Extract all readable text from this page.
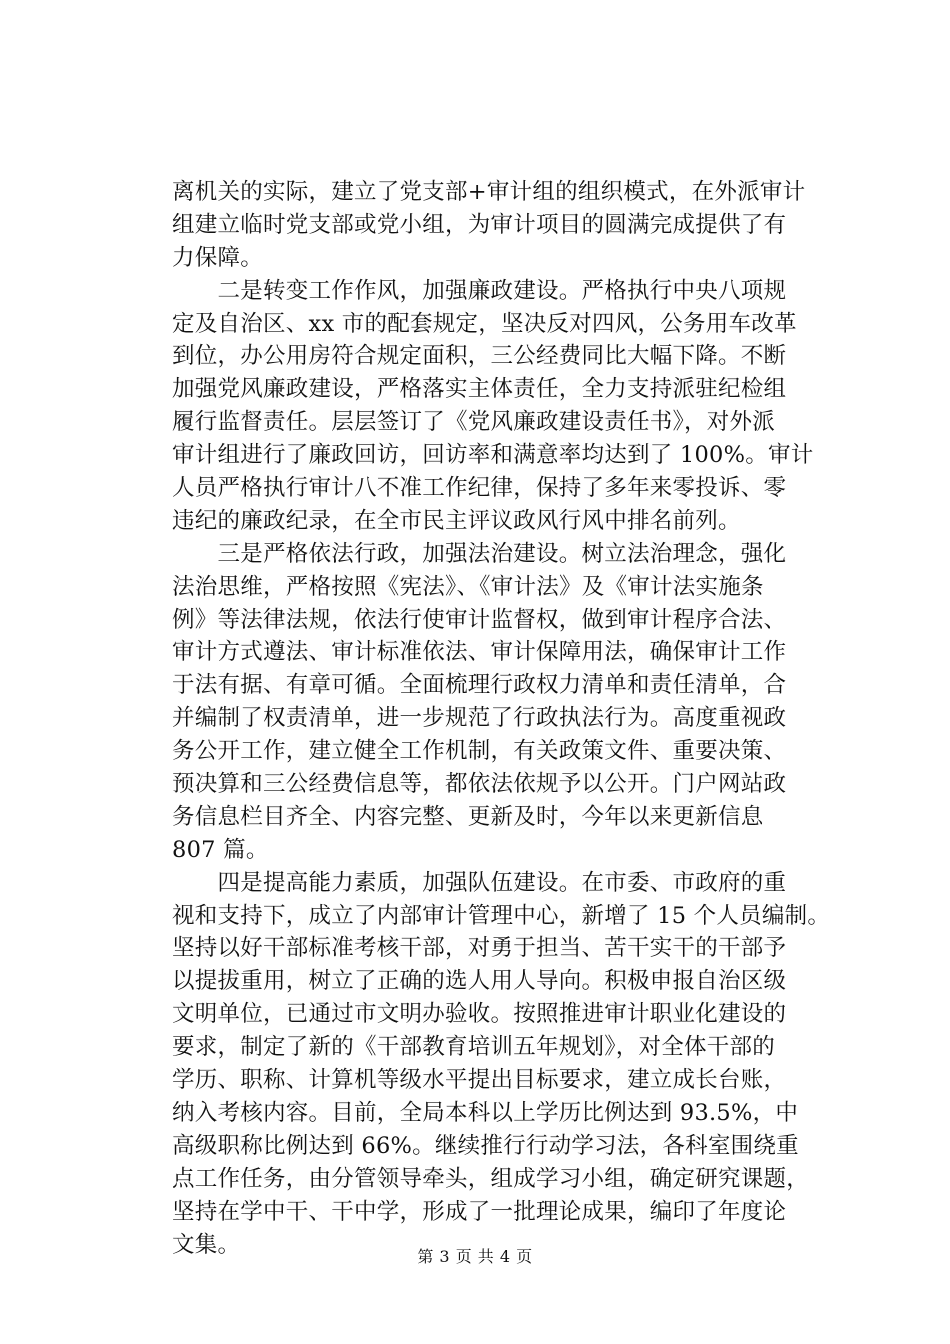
离机关的实际，建立了党支部+审计组的组织模式，在外派审计
组建立临时党支部或党小组，为审计项目的圆满完成提供了有
力保障。
　　二是转变工作作风，加强廉政建设。严格执行中央八项规
定及自治区、xx 市的配套规定，坚决反对四风，公务用车改革
到位，办公用房符合规定面积，三公经费同比大幅下降。不断
加强党风廉政建设，严格落实主体责任，全力支持派驻纪检组
履行监督责任。层层签订了《党风廉政建设责任书》，对外派
审计组进行了廉政回访，回访率和满意率均达到了 100%。审计
人员严格执行审计八不准工作纪律，保持了多年来零投诉、零
违纪的廉政纪录，在全市民主评议政风行风中排名前列。
　　三是严格依法行政，加强法治建设。树立法治理念，强化
法治思维，严格按照《宪法》、《审计法》及《审计法实施条
例》等法律法规，依法行使审计监督权，做到审计程序合法、
审计方式遵法、审计标准依法、审计保障用法，确保审计工作
于法有据、有章可循。全面梳理行政权力清单和责任清单，合
并编制了权责清单，进一步规范了行政执法行为。高度重视政
务公开工作，建立健全工作机制，有关政策文件、重要决策、
预决算和三公经费信息等，都依法依规予以公开。门户网站政
务信息栏目齐全、内容完整、更新及时，今年以来更新信息
807 篇。
　　四是提高能力素质，加强队伍建设。在市委、市政府的重
视和支持下，成立了内部审计管理中心，新增了 15 个人员编制。
坚持以好干部标准考核干部，对勇于担当、苦干实干的干部予
以提拔重用，树立了正确的选人用人导向。积极申报自治区级
文明单位，已通过市文明办验收。按照推进审计职业化建设的
要求，制定了新的《干部教育培训五年规划》，对全体干部的
学历、职称、计算机等级水平提出目标要求，建立成长台账，
纳入考核内容。目前，全局本科以上学历比例达到 93.5%，中
高级职称比例达到 66%。继续推行行动学习法，各科室围绕重
点工作任务，由分管领导牵头，组成学习小组，确定研究课题，
坚持在学中干、干中学，形成了一批理论成果，编印了年度论
文集。	第 3 页 共 4 页
